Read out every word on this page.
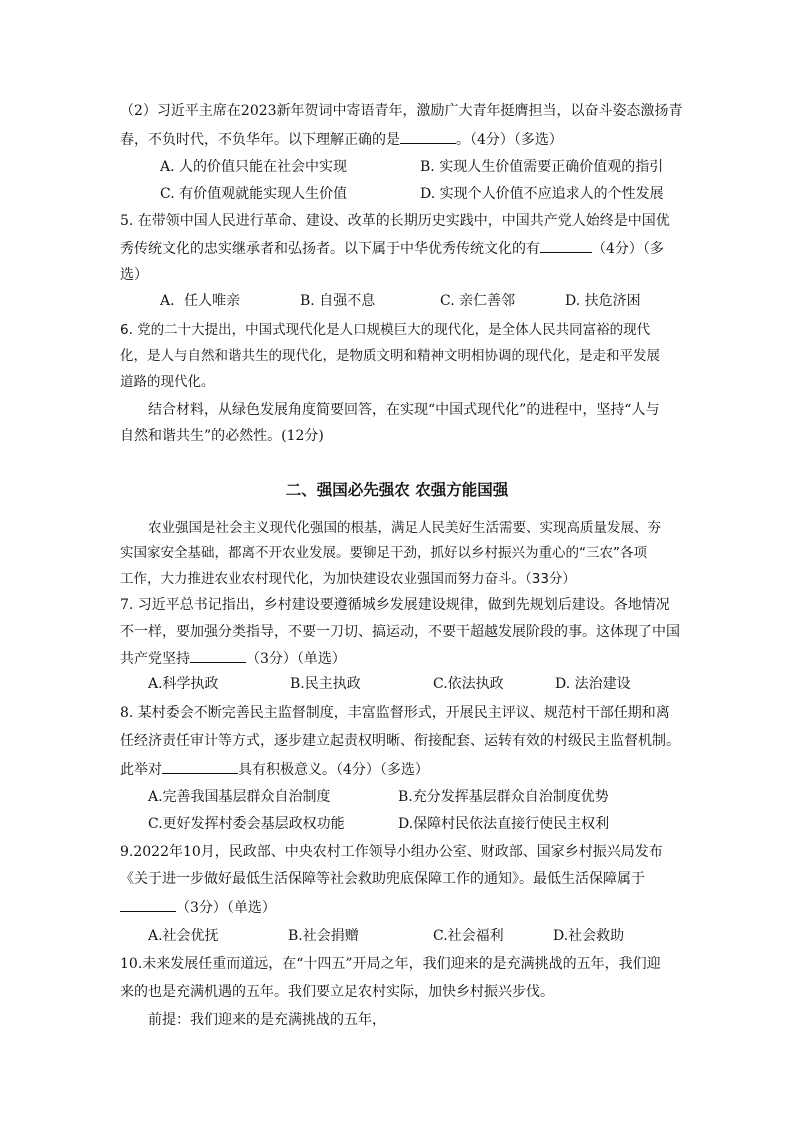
（2）习近平主席在2023新年贺词中寄语青年，激励广大青年挺膺担当，以奋斗姿态激扬青
春，不负时代，不负华年。以下理解正确的是	。（4分）（多选）
A. 人的价值只能在社会中实现	B. 实现人生价值需要正确价值观的指引
C. 有价值观就能实现人生价值	D. 实现个人价值不应追求人的个性发展
5. 在带领中国人民进行革命、建设、改革的长期历史实践中，中国共产党人始终是中国优
秀传统文化的忠实继承者和弘扬者。以下属于中华优秀传统文化的有	（4分）（多
选）
A．任人唯亲	B. 自强不息	C. 亲仁善邻	D. 扶危济困
6. 党的二十大提出，中国式现代化是人口规模巨大的现代化，是全体人民共同富裕的现代
化，是人与自然和谐共生的现代化，是物质文明和精神文明相协调的现代化，是走和平发展
道路的现代化。
结合材料，从绿色发展角度简要回答，在实现“中国式现代化”的进程中，坚持“人与
自然和谐共生”的必然性。(12分)
二、强国必先强农 农强方能国强
农业强国是社会主义现代化强国的根基，满足人民美好生活需要、实现高质量发展、夯
实国家安全基础，都离不开农业发展。要铆足干劲，抓好以乡村振兴为重心的“三农”各项
工作，大力推进农业农村现代化，为加快建设农业强国而努力奋斗。（33分）
7. 习近平总书记指出，乡村建设要遵循城乡发展建设规律，做到先规划后建设。各地情况
不一样，要加强分类指导，不要一刀切、搞运动，不要干超越发展阶段的事。这体现了中国
共产党坚持	（3分）（单选）
A.科学执政	B.民主执政	C.依法执政	D. 法治建设
8. 某村委会不断完善民主监督制度，丰富监督形式，开展民主评议、规范村干部任期和离
任经济责任审计等方式，逐步建立起责权明晰、衔接配套、运转有效的村级民主监督机制。
此举对	具有积极意义。（4分）（多选）
A.完善我国基层群众自治制度	B.充分发挥基层群众自治制度优势
C.更好发挥村委会基层政权功能	D.保障村民依法直接行使民主权利
9.2022年10月，民政部、中央农村工作领导小组办公室、财政部、国家乡村振兴局发布
《关于进一步做好最低生活保障等社会救助兜底保障工作的通知》。最低生活保障属于
（3分）（单选）
A.社会优抚	B.社会捐赠	C.社会福利	D.社会救助
10.未来发展任重而道远，在“十四五”开局之年，我们迎来的是充满挑战的五年，我们迎
来的也是充满机遇的五年。我们要立足农村实际，加快乡村振兴步伐。
前提：我们迎来的是充满挑战的五年，
